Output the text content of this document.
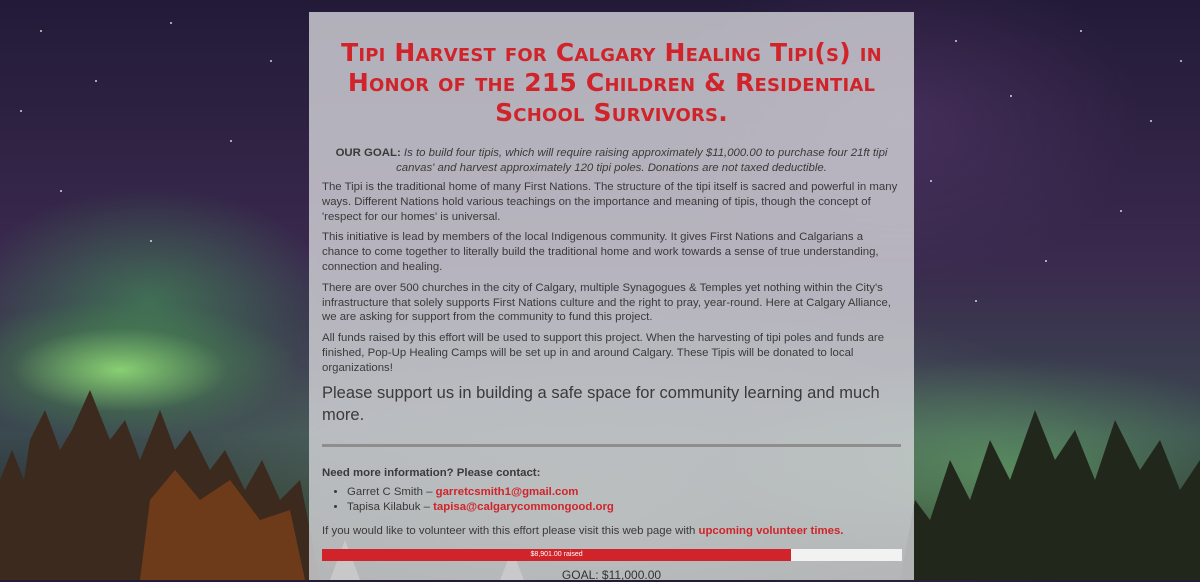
Tipi Harvest for Calgary Healing Tipi(s) in Honor of the 215 Children & Residential School Survivors.
OUR GOAL: Is to build four tipis, which will require raising approximately $11,000.00 to purchase four 21ft tipi canvas' and harvest approximately 120 tipi poles. Donations are not taxed deductible.

The Tipi is the traditional home of many First Nations. The structure of the tipi itself is sacred and powerful in many ways. Different Nations hold various teachings on the importance and meaning of tipis, though the concept of 'respect for our homes' is universal.

This initiative is lead by members of the local Indigenous community. It gives First Nations and Calgarians a chance to come together to literally build the traditional home and work towards a sense of true understanding, connection and healing.

There are over 500 churches in the city of Calgary, multiple Synagogues & Temples yet nothing within the City's infrastructure that solely supports First Nations culture and the right to pray, year-round. Here at Calgary Alliance, we are asking for support from the community to fund this project.

All funds raised by this effort will be used to support this project. When the harvesting of tipi poles and funds are finished, Pop-Up Healing Camps will be set up in and around Calgary. These Tipis will be donated to local organizations!

Please support us in building a safe space for community learning and much more.

Need more information? Please contact:
• Garret C Smith – garretcsmith1@gmail.com
• Tapisa Kilabuk – tapisa@calgarycommongood.org

If you would like to volunteer with this effort please visit this web page with upcoming volunteer times.

$8,901.00 raised
GOAL: $11,000.00
